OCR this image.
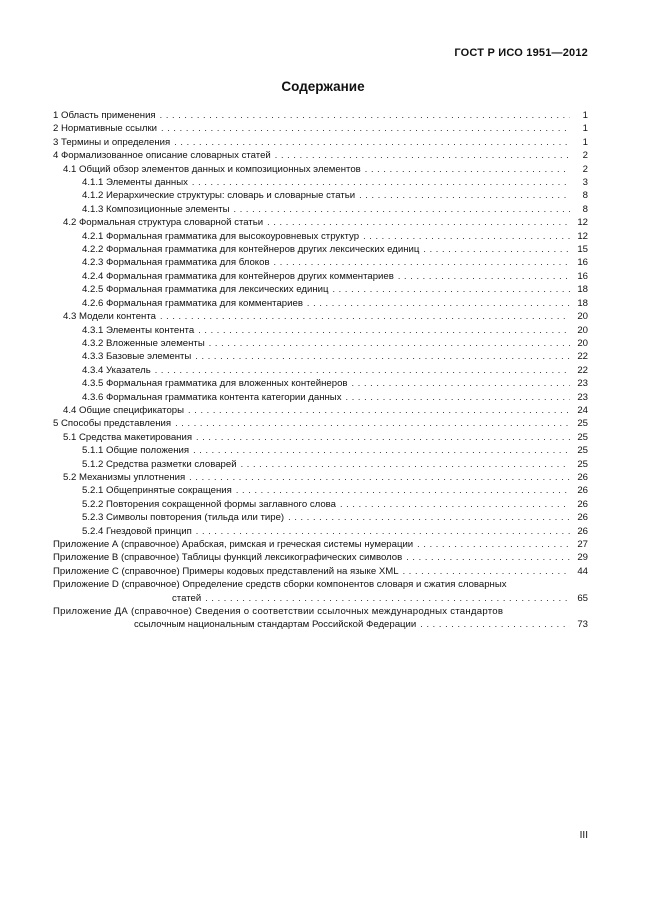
ГОСТ Р ИСО 1951—2012
Содержание
1 Область применения . . .	1
2 Нормативные ссылки . . .	1
3 Термины и определения . . .	1
4 Формализованное описание словарных статей . . .	2
4.1 Общий обзор элементов данных и композиционных элементов . . .	2
4.1.1 Элементы данных . . .	3
4.1.2 Иерархические структуры: словарь и словарные статьи . . .	8
4.1.3 Композиционные элементы . . .	8
4.2 Формальная структура словарной статьи . . .	12
4.2.1 Формальная грамматика для высокоуровневых структур . . .	12
4.2.2 Формальная грамматика для контейнеров других лексических единиц . . .	15
4.2.3 Формальная грамматика для блоков . . .	16
4.2.4 Формальная грамматика для контейнеров других комментариев . . .	16
4.2.5 Формальная грамматика для лексических единиц . . .	18
4.2.6 Формальная грамматика для комментариев . . .	18
4.3 Модели контента . . .	20
4.3.1 Элементы контента . . .	20
4.3.2 Вложенные элементы . . .	20
4.3.3 Базовые элементы . . .	22
4.3.4 Указатель . . .	22
4.3.5 Формальная грамматика для вложенных контейнеров . . .	23
4.3.6 Формальная грамматика контента категории данных . . .	23
4.4 Общие спецификаторы . . .	24
5 Способы представления . . .	25
5.1 Средства макетирования . . .	25
5.1.1 Общие положения . . .	25
5.1.2 Средства разметки словарей . . .	25
5.2 Механизмы уплотнения . . .	26
5.2.1 Общепринятые сокращения . . .	26
5.2.2 Повторения сокращенной формы заглавного слова . . .	26
5.2.3 Символы повторения (тильда или тире) . . .	26
5.2.4 Гнездовой принцип . . .	26
Приложение А (справочное) Арабская, римская и греческая системы нумерации . . .	27
Приложение В (справочное) Таблицы функций лексикографических символов . . .	29
Приложение С (справочное) Примеры кодовых представлений на языке XML . . .	44
Приложение D (справочное) Определение средств сборки компонентов словаря и сжатия словарных
статей . . .	65
Приложение ДА (справочное) Сведения о соответствии ссылочных международных стандартов
ссылочным национальным стандартам Российской Федерации . . .	73
III
